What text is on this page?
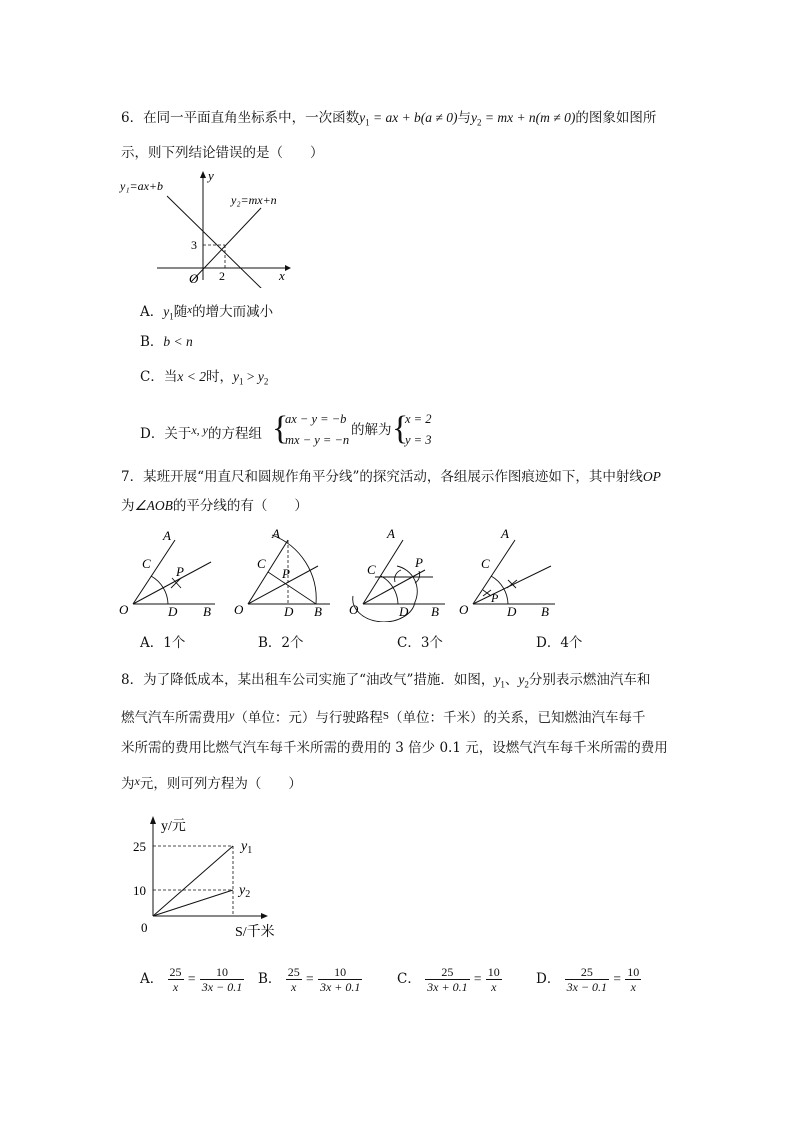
6．在同一平面直角坐标系中，一次函数$y_1$ = ax + b(a ≠ 0)与$y_2$ = mx + n(m ≠ 0)的图象如图所
示，则下列结论错误的是（　　）
y₁=ax+b
y₂=mx+n
y
x
O
3
2
A．$y_1$随$^x$的增大而减小
B．b < n
C．当x < 2时，$y_1 > y_2$
D．关于x, y的方程组 {
ax − y = −b
mx − y = −n
的解为 {
x = 2
y = 3
7．某班开展“用直尺和圆规作角平分线”的探究活动，各组展示作图痕迹如下，其中射线OP
为∠AOB的平分线的有（　　）
A
C
P
O	D B
A
C
P
O	D B
A
C	P
O	D B
A
C
P
O	D B
A．1个	B．2个	C．3个	D．4个
8．为了降低成本，某出租车公司实施了“油改气”措施．如图，$y_1$、$y_2$分别表示燃油汽车和
燃气汽车所需费用y（单位：元）与行驶路程$^S$（单位：千米）的关系，已知燃油汽车每千
米所需的费用比燃气汽车每千米所需的费用的 3 倍少 0.1 元，设燃气汽车每千米所需的费用
为x元，则可列方程为（　　）
y/元
S/千米
25
10
0
$y_1$
$y_2$
A． $\frac{25}{x} = \frac{10}{3x - 0.1}$ B． $\frac{25}{x} = \frac{10}{3x + 0.1}$	C． $\frac{25}{3x + 0.1} = \frac{10}{x}$	D． $\frac{25}{3x - 0.1} = \frac{10}{x}$
